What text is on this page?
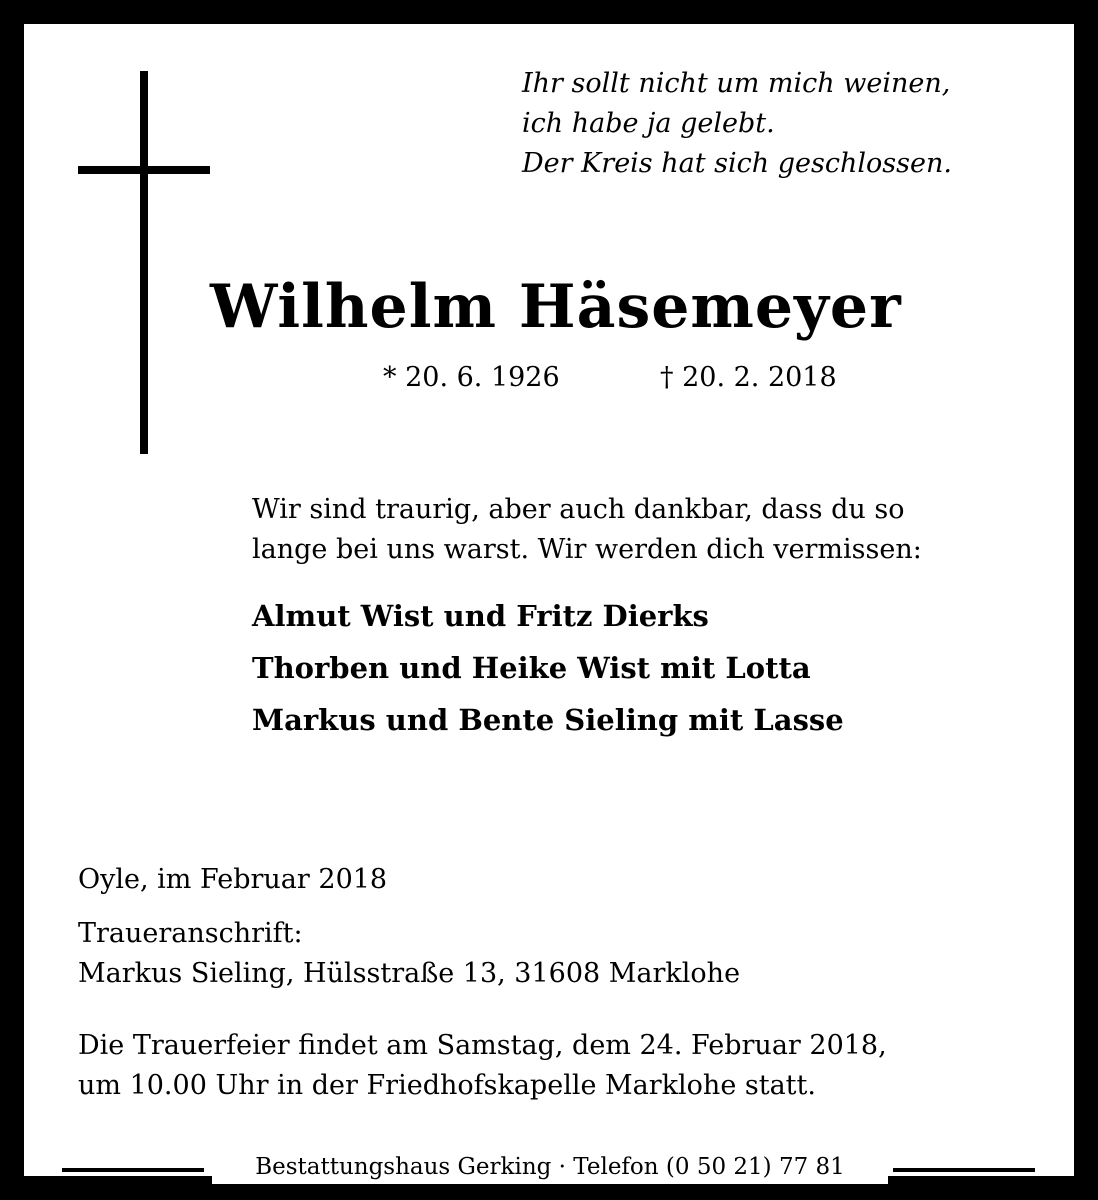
Ihr sollt nicht um mich weinen,
ich habe ja gelebt.
Der Kreis hat sich geschlossen.
Wilhelm Häsemeyer
* 20. 6. 1926	† 20. 2. 2018
Wir sind traurig, aber auch dankbar, dass du so
lange bei uns warst. Wir werden dich vermissen:
Almut Wist und Fritz Dierks
Thorben und Heike Wist mit Lotta
Markus und Bente Sieling mit Lasse
Oyle, im Februar 2018
Traueranschrift:
Markus Sieling, Hülsstraße 13, 31608 Marklohe
Die Trauerfeier findet am Samstag, dem 24. Februar 2018,
um 10.00 Uhr in der Friedhofskapelle Marklohe statt.
Bestattungshaus Gerking · Telefon (0 50 21) 77 81
